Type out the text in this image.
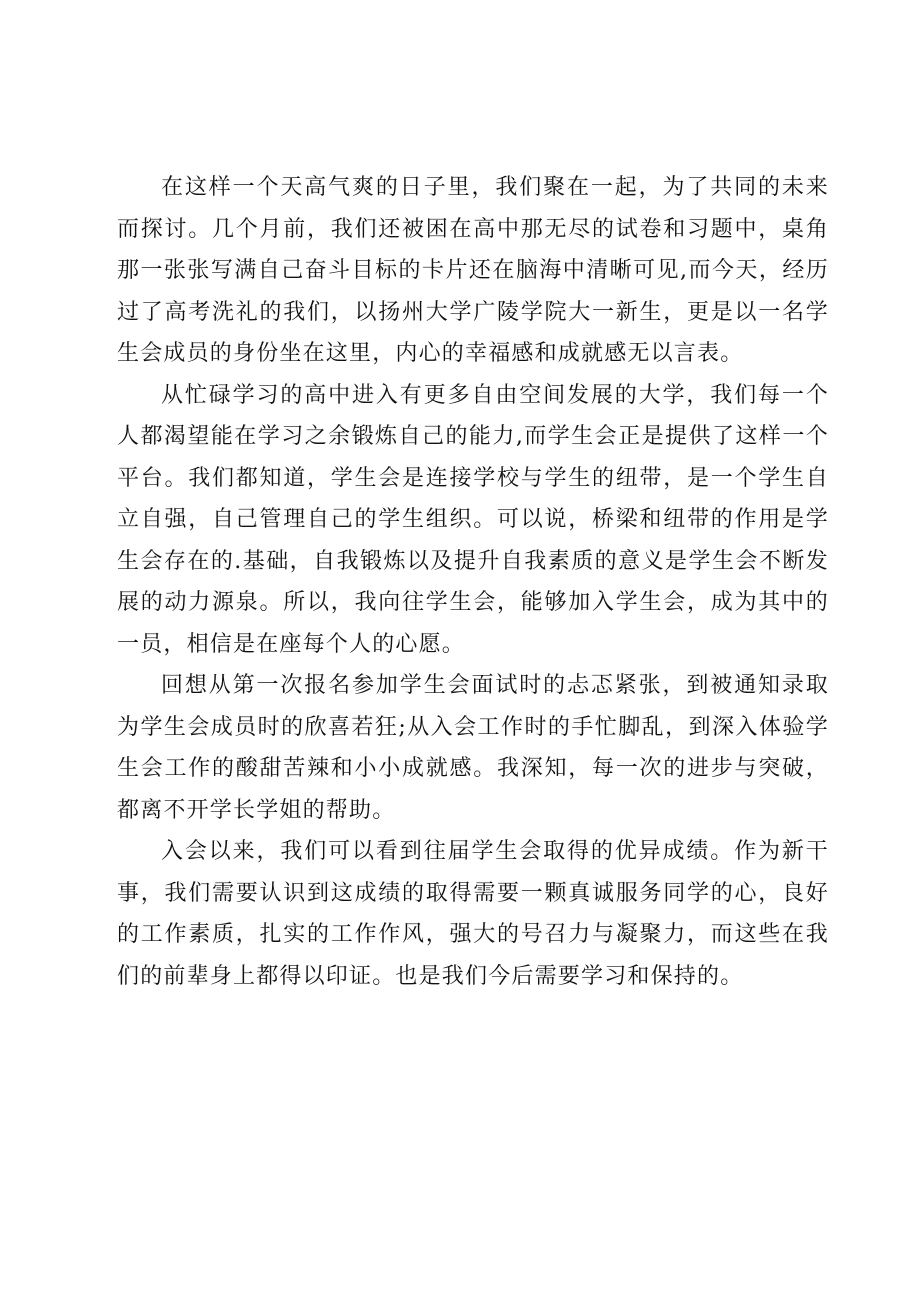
在这样一个天高气爽的日子里，我们聚在一起，为了共同的未来而探讨。几个月前，我们还被困在高中那无尽的试卷和习题中，桌角那一张张写满自己奋斗目标的卡片还在脑海中清晰可见,而今天，经历过了高考洗礼的我们，以扬州大学广陵学院大一新生，更是以一名学生会成员的身份坐在这里，内心的幸福感和成就感无以言表。

从忙碌学习的高中进入有更多自由空间发展的大学，我们每一个人都渴望能在学习之余锻炼自己的能力,而学生会正是提供了这样一个平台。我们都知道，学生会是连接学校与学生的纽带，是一个学生自立自强，自己管理自己的学生组织。可以说，桥梁和纽带的作用是学生会存在的.基础，自我锻炼以及提升自我素质的意义是学生会不断发展的动力源泉。所以，我向往学生会，能够加入学生会，成为其中的一员，相信是在座每个人的心愿。

回想从第一次报名参加学生会面试时的忐忑紧张，到被通知录取为学生会成员时的欣喜若狂;从入会工作时的手忙脚乱，到深入体验学生会工作的酸甜苦辣和小小成就感。我深知，每一次的进步与突破，都离不开学长学姐的帮助。

入会以来，我们可以看到往届学生会取得的优异成绩。作为新干事，我们需要认识到这成绩的取得需要一颗真诚服务同学的心，良好的工作素质，扎实的工作作风，强大的号召力与凝聚力，而这些在我们的前辈身上都得以印证。也是我们今后需要学习和保持的。
